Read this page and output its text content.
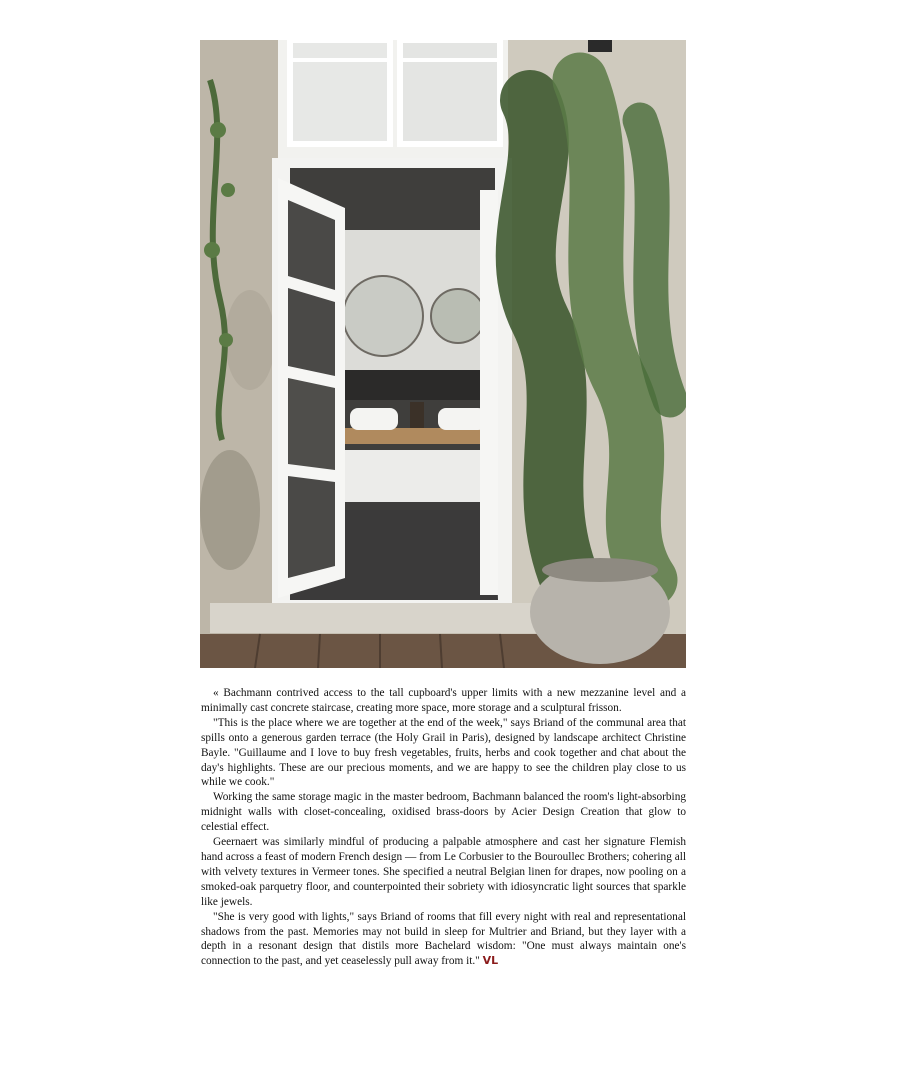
« Bachmann contrived access to the tall cupboard's upper limits with a new mezzanine level and a minimally cast concrete staircase, creating more space, more storage and a sculptural frisson.

"This is the place where we are together at the end of the week," says Briand of the communal area that spills onto a generous garden terrace (the Holy Grail in Paris), designed by landscape architect Christine Bayle. "Guillaume and I love to buy fresh vegetables, fruits, herbs and cook together and chat about the day's highlights. These are our precious moments, and we are happy to see the children play close to us while we cook."

Working the same storage magic in the master bedroom, Bachmann balanced the room's light-absorbing midnight walls with closet-concealing, oxidised brass-doors by Acier Design Creation that glow to celestial effect.

Geernaert was similarly mindful of producing a palpable atmosphere and cast her signature Flemish hand across a feast of modern French design — from Le Corbusier to the Bouroullec Brothers; cohering all with velvety textures in Vermeer tones. She specified a neutral Belgian linen for drapes, now pooling on a smoked-oak parquetry floor, and counterpointed their sobriety with idiosyncratic light sources that sparkle like jewels.

"She is very good with lights," says Briand of rooms that fill every night with real and representational shadows from the past. Memories may not build in sleep for Multrier and Briand, but they layer with a depth in a resonant design that distils more Bachelard wisdom: "One must always maintain one's connection to the past, and yet ceaselessly pull away from it." VL
